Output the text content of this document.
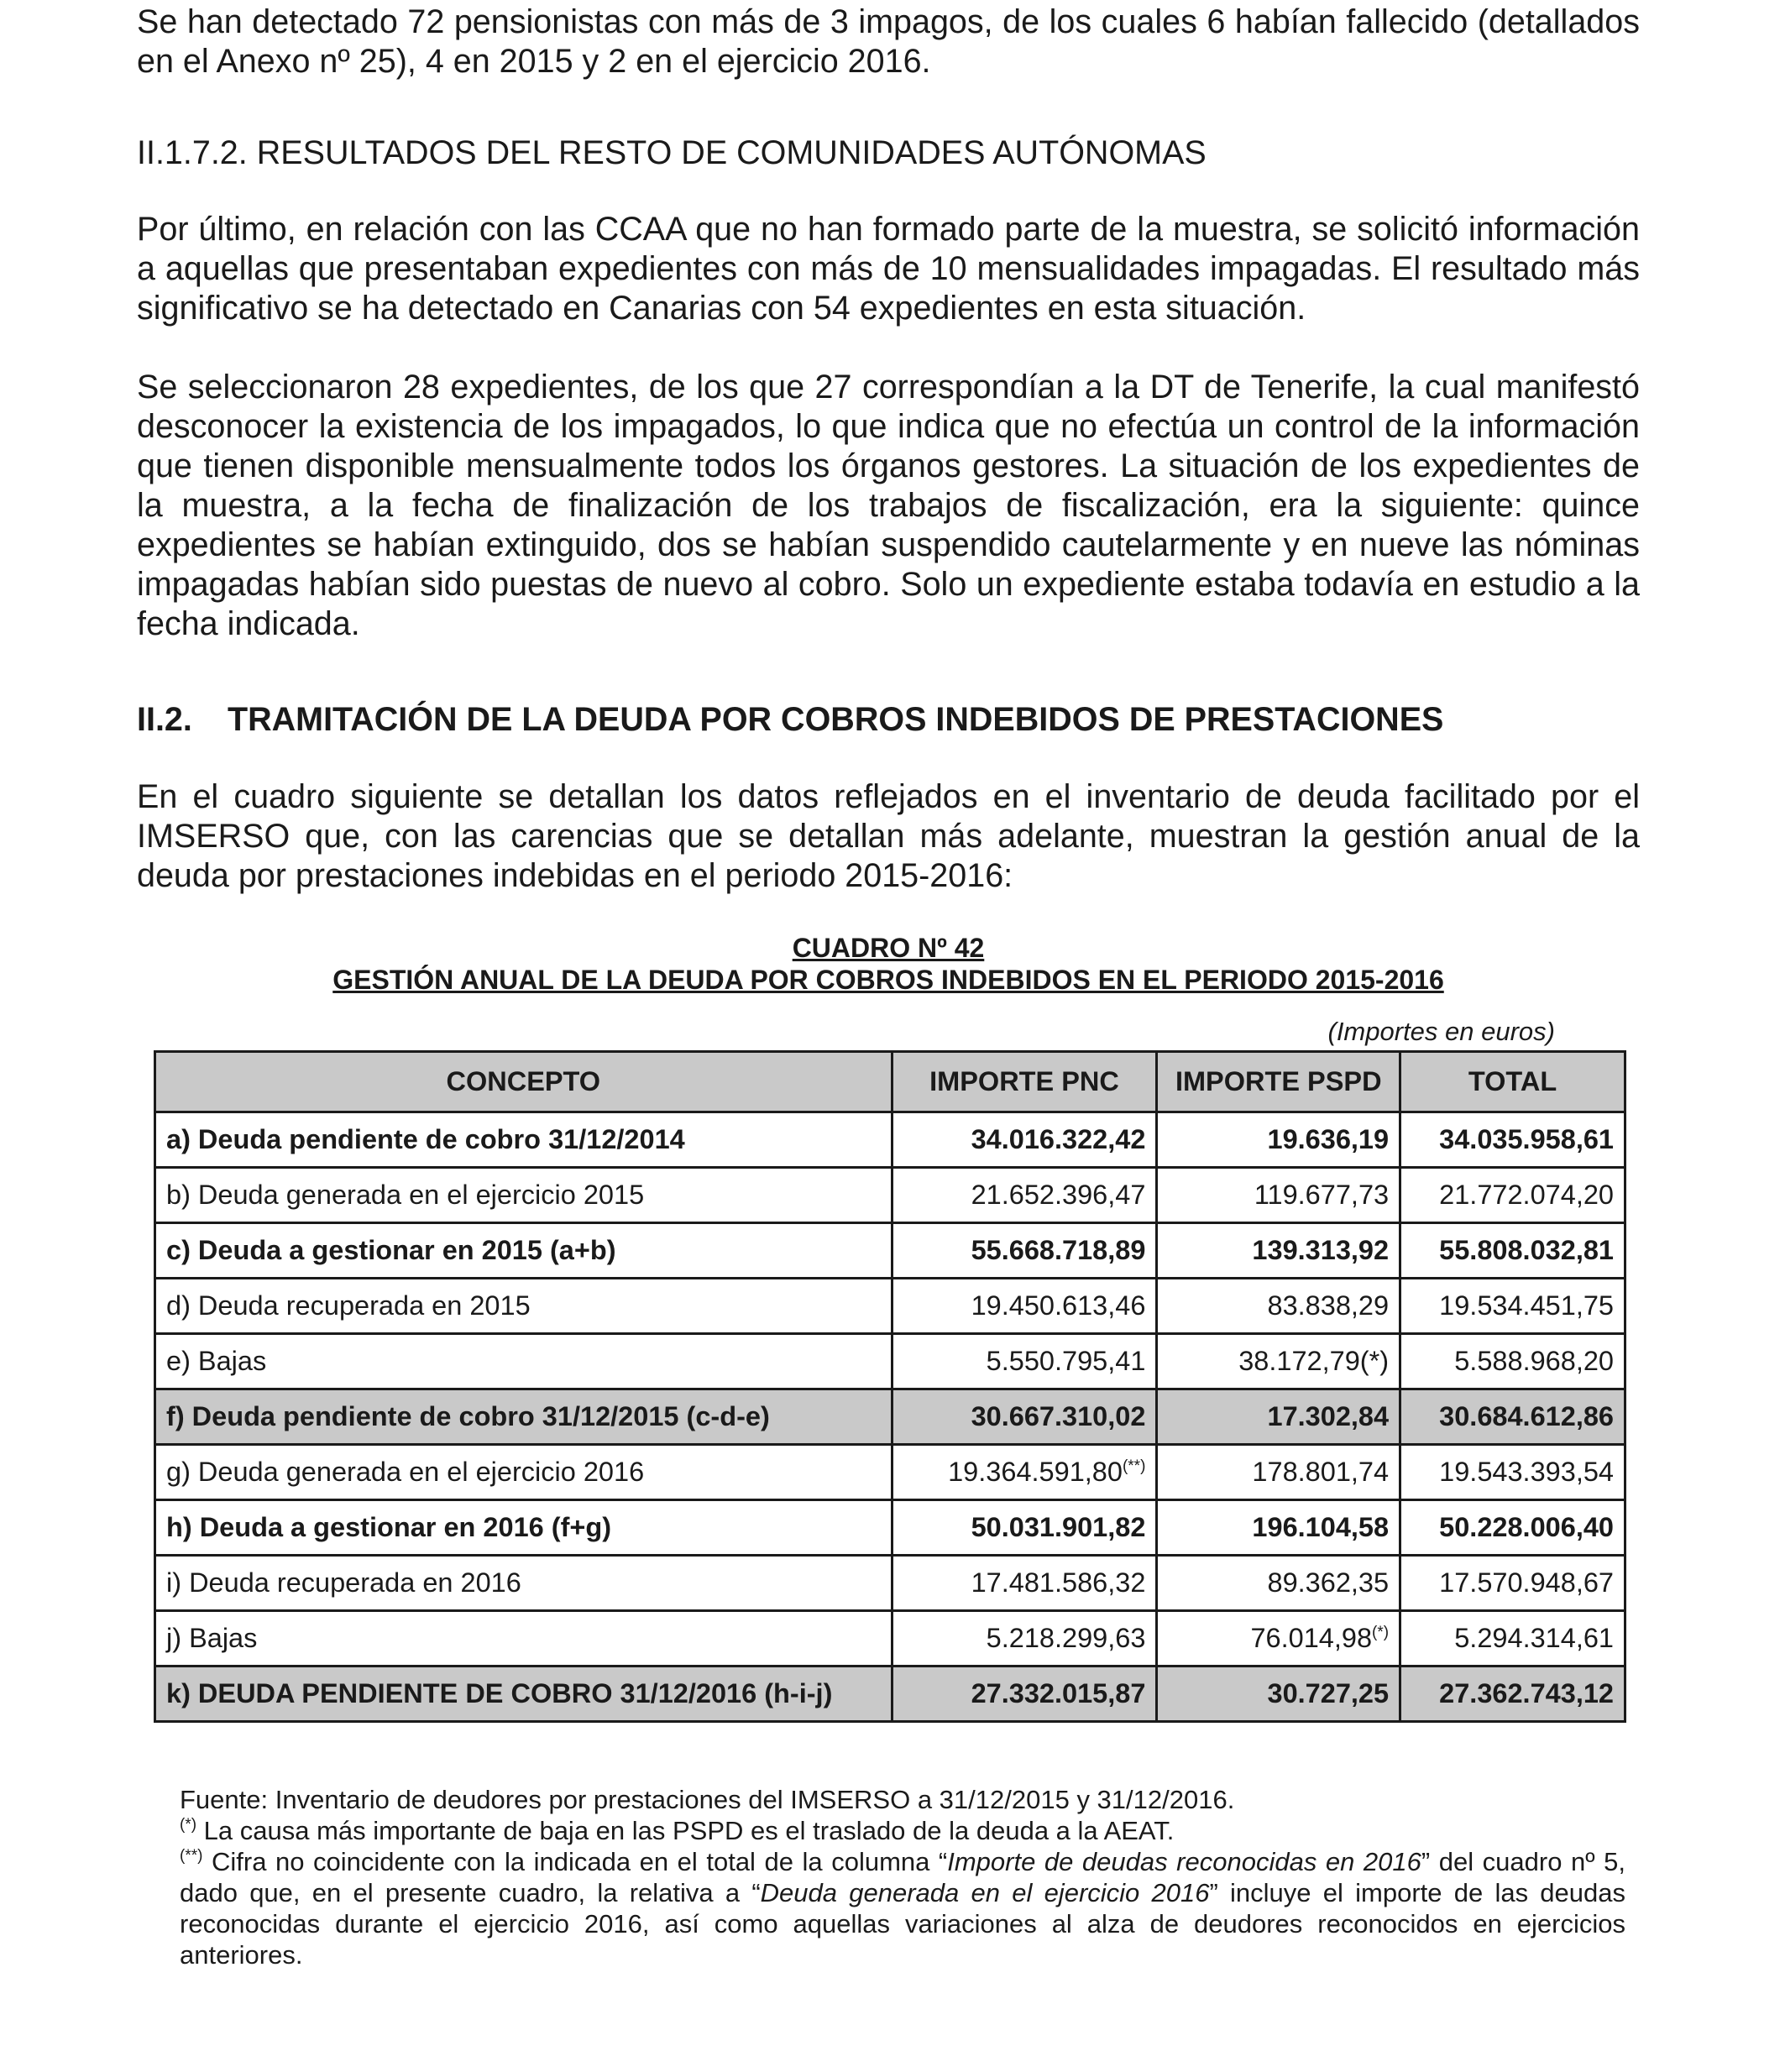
Se han detectado 72 pensionistas con más de 3 impagos, de los cuales 6 habían fallecido (detallados en el Anexo nº 25), 4 en 2015 y 2 en el ejercicio 2016.

II.1.7.2. RESULTADOS DEL RESTO DE COMUNIDADES AUTÓNOMAS

Por último, en relación con las CCAA que no han formado parte de la muestra, se solicitó información a aquellas que presentaban expedientes con más de 10 mensualidades impagadas. El resultado más significativo se ha detectado en Canarias con 54 expedientes en esta situación.

Se seleccionaron 28 expedientes, de los que 27 correspondían a la DT de Tenerife, la cual manifestó desconocer la existencia de los impagados, lo que indica que no efectúa un control de la información que tienen disponible mensualmente todos los órganos gestores. La situación de los expedientes de la muestra, a la fecha de finalización de los trabajos de fiscalización, era la siguiente: quince expedientes se habían extinguido, dos se habían suspendido cautelarmente y en nueve las nóminas impagadas habían sido puestas de nuevo al cobro. Solo un expediente estaba todavía en estudio a la fecha indicada.

II.2. TRAMITACIÓN DE LA DEUDA POR COBROS INDEBIDOS DE PRESTACIONES

En el cuadro siguiente se detallan los datos reflejados en el inventario de deuda facilitado por el IMSERSO que, con las carencias que se detallan más adelante, muestran la gestión anual de la deuda por prestaciones indebidas en el periodo 2015-2016:

CUADRO Nº 42

GESTIÓN ANUAL DE LA DEUDA POR COBROS INDEBIDOS EN EL PERIODO 2015-2016

(Importes en euros)
CONCEPTO	IMPORTE PNC	IMPORTE PSPD	TOTAL
a) Deuda pendiente de cobro 31/12/2014	34.016.322,42	19.636,19	34.035.958,61
b) Deuda generada en el ejercicio 2015	21.652.396,47	119.677,73	21.772.074,20
c) Deuda a gestionar en 2015 (a+b)	55.668.718,89	139.313,92	55.808.032,81
d) Deuda recuperada en 2015	19.450.613,46	83.838,29	19.534.451,75
e) Bajas	5.550.795,41	38.172,79(*)	5.588.968,20
f) Deuda pendiente de cobro 31/12/2015 (c-d-e)	30.667.310,02	17.302,84	30.684.612,86
g) Deuda generada en el ejercicio 2016	19.364.591,80(**)	178.801,74	19.543.393,54
h) Deuda a gestionar en 2016 (f+g)	50.031.901,82	196.104,58	50.228.006,40
i) Deuda recuperada en 2016	17.481.586,32	89.362,35	17.570.948,67
j) Bajas	5.218.299,63	76.014,98(*)	5.294.314,61
k) DEUDA PENDIENTE DE COBRO 31/12/2016 (h-i-j)	27.332.015,87	30.727,25	27.362.743,12

Fuente: Inventario de deudores por prestaciones del IMSERSO a 31/12/2015 y 31/12/2016.

(*) La causa más importante de baja en las PSPD es el traslado de la deuda a la AEAT.

(**) Cifra no coincidente con la indicada en el total de la columna “Importe de deudas reconocidas en 2016” del cuadro nº 5, dado que, en el presente cuadro, la relativa a “Deuda generada en el ejercicio 2016” incluye el importe de las deudas reconocidas durante el ejercicio 2016, así como aquellas variaciones al alza de deudores reconocidos en ejercicios anteriores.
